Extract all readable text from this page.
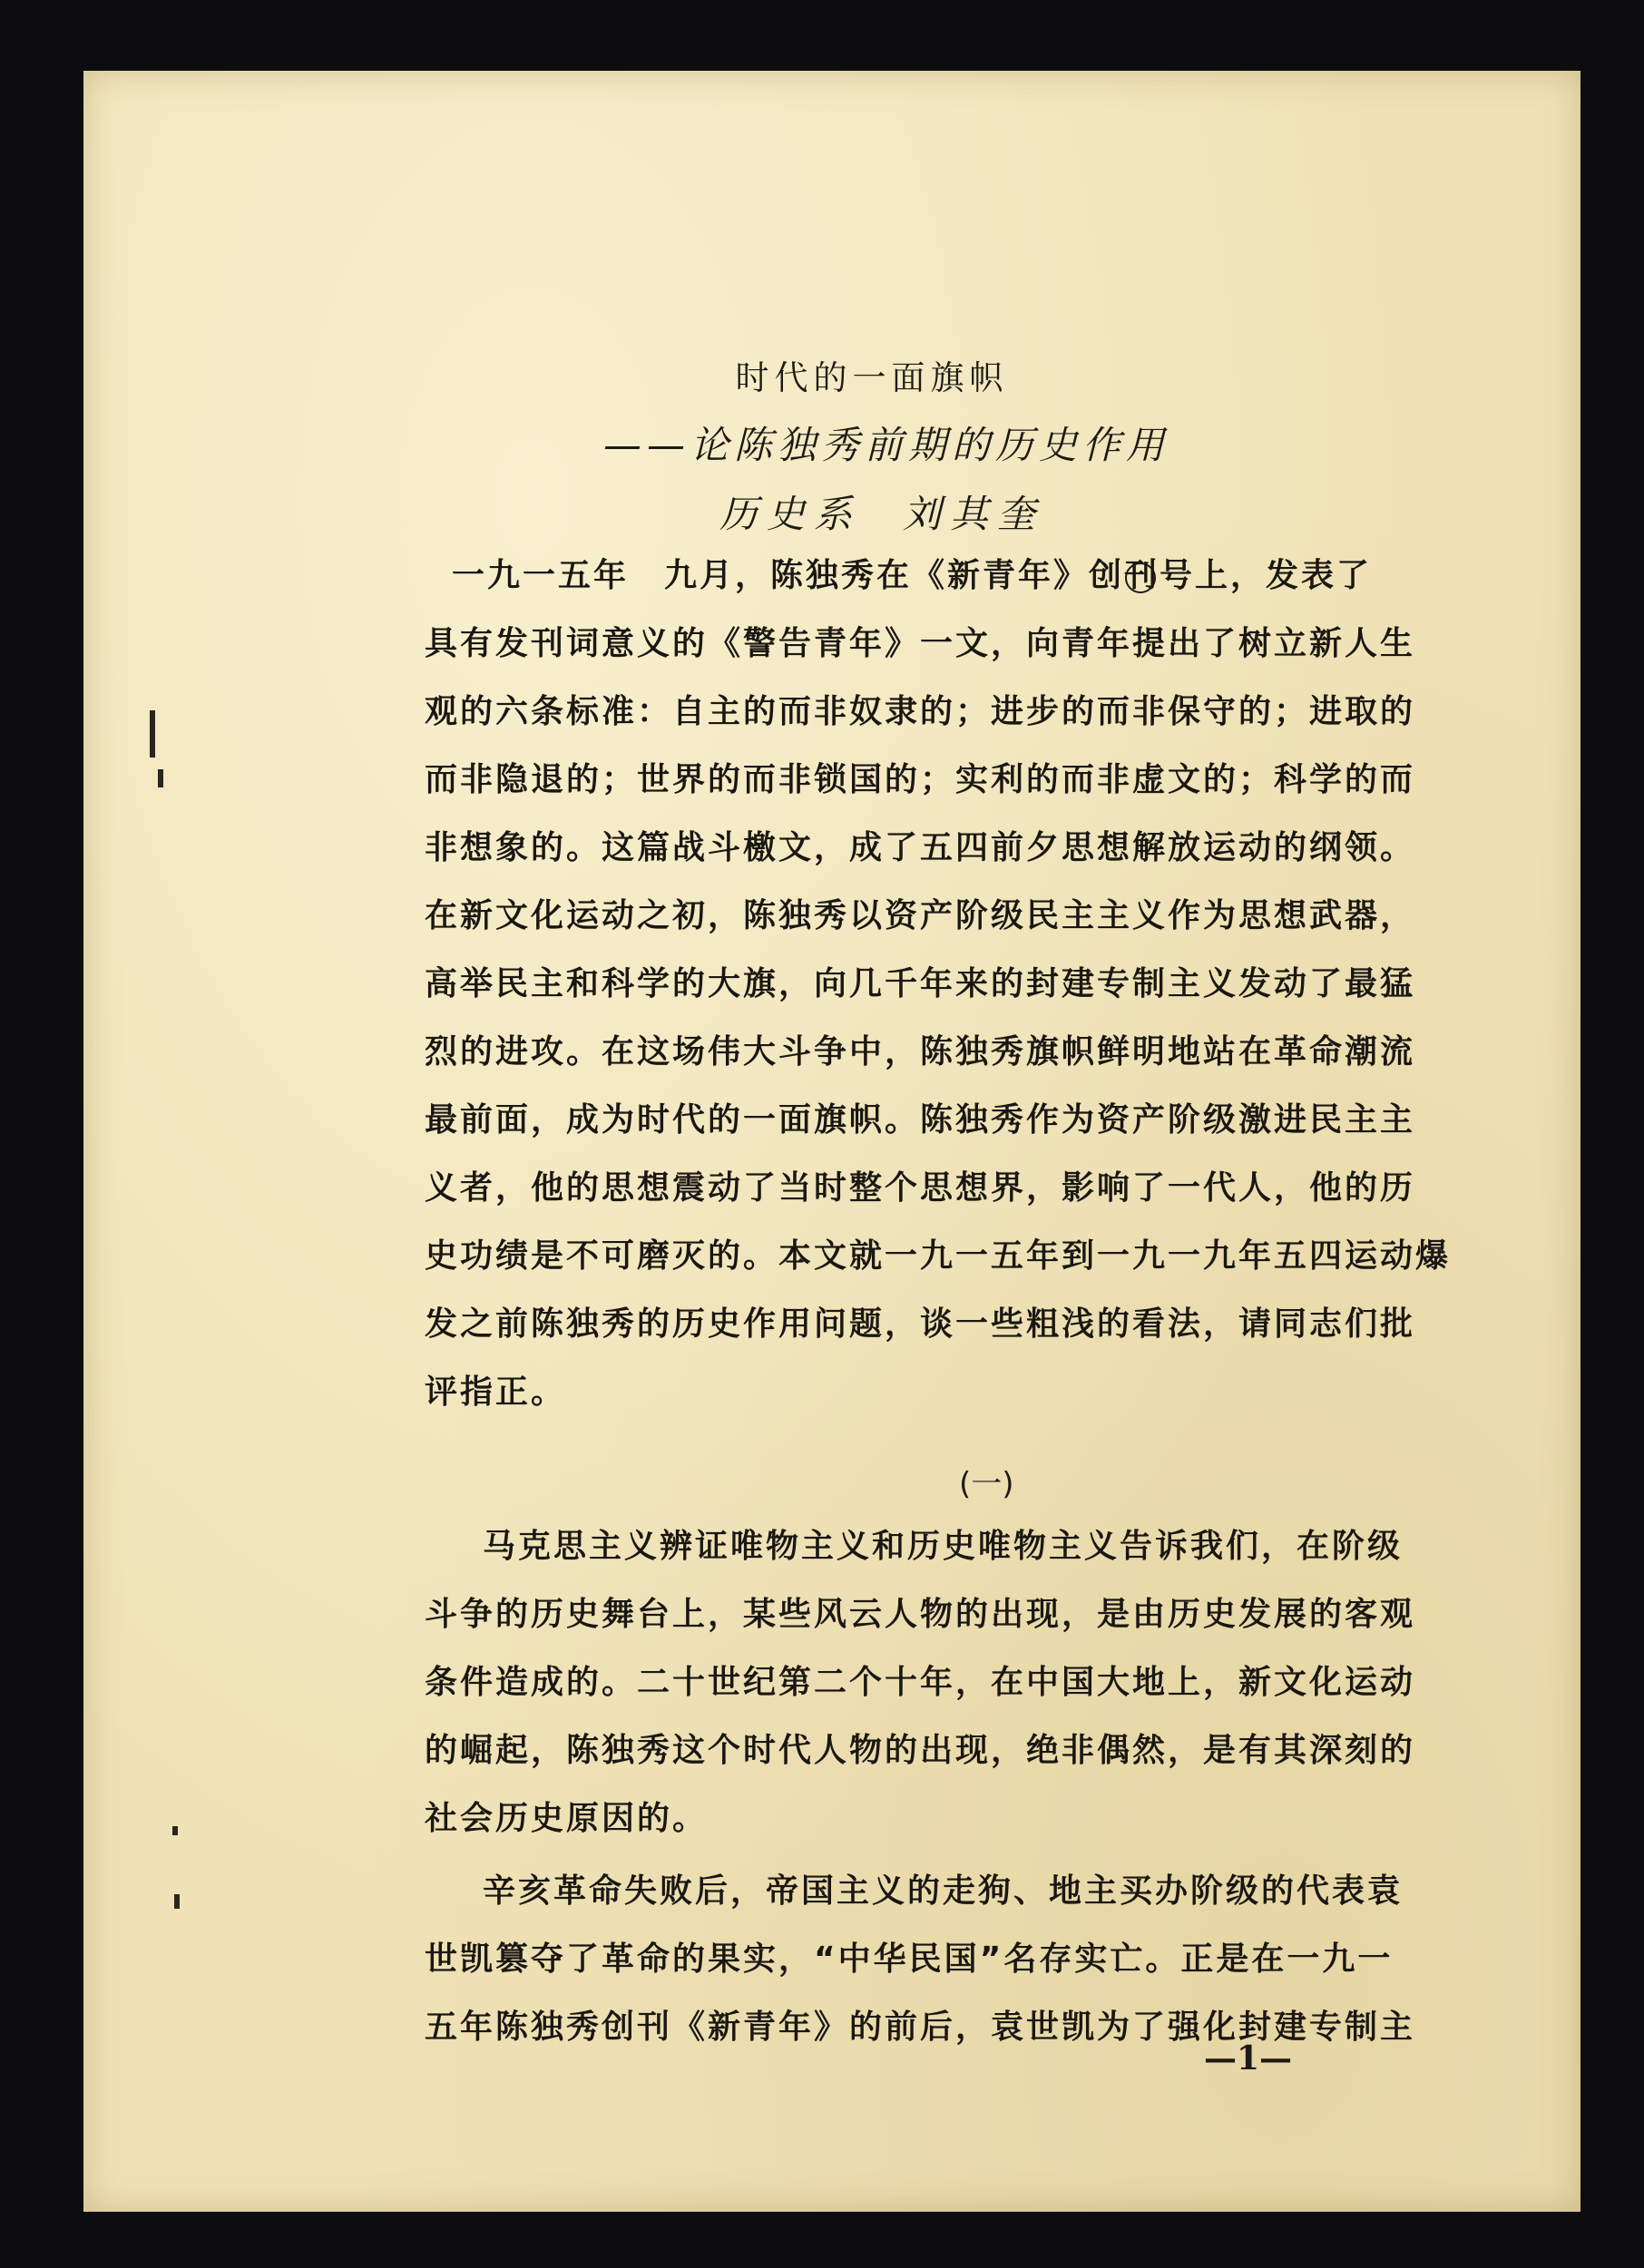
时代的一面旗帜
——论陈独秀前期的历史作用
历史系 刘其奎
一九一五年　九月，陈独秀在《新青年》创刊号上，发表了
具有发刊词意义的《警告青年》一文，向青年提出了树立新人生
观的六条标准：自主的而非奴隶的；进步的而非保守的；进取的
而非隐退的；世界的而非锁国的；实利的而非虚文的；科学的而
非想象的。这篇战斗檄文，成了五四前夕思想解放运动的纲领。
在新文化运动之初，陈独秀以资产阶级民主主义作为思想武器，
高举民主和科学的大旗，向几千年来的封建专制主义发动了最猛
烈的进攻。在这场伟大斗争中，陈独秀旗帜鲜明地站在革命潮流
最前面，成为时代的一面旗帜。陈独秀作为资产阶级激进民主主
义者，他的思想震动了当时整个思想界，影响了一代人，他的历
史功绩是不可磨灭的。本文就一九一五年到一九一九年五四运动爆
发之前陈独秀的历史作用问题，谈一些粗浅的看法，请同志们批
评指正。
(一)
马克思主义辨证唯物主义和历史唯物主义告诉我们，在阶级
斗争的历史舞台上，某些风云人物的出现，是由历史发展的客观
条件造成的。二十世纪第二个十年，在中国大地上，新文化运动
的崛起，陈独秀这个时代人物的出现，绝非偶然，是有其深刻的
社会历史原因的。
辛亥革命失败后，帝国主义的走狗、地主买办阶级的代表袁
世凯篡夺了革命的果实，“中华民国”名存实亡。正是在一九一
五年陈独秀创刊《新青年》的前后，袁世凯为了强化封建专制主
—1—
